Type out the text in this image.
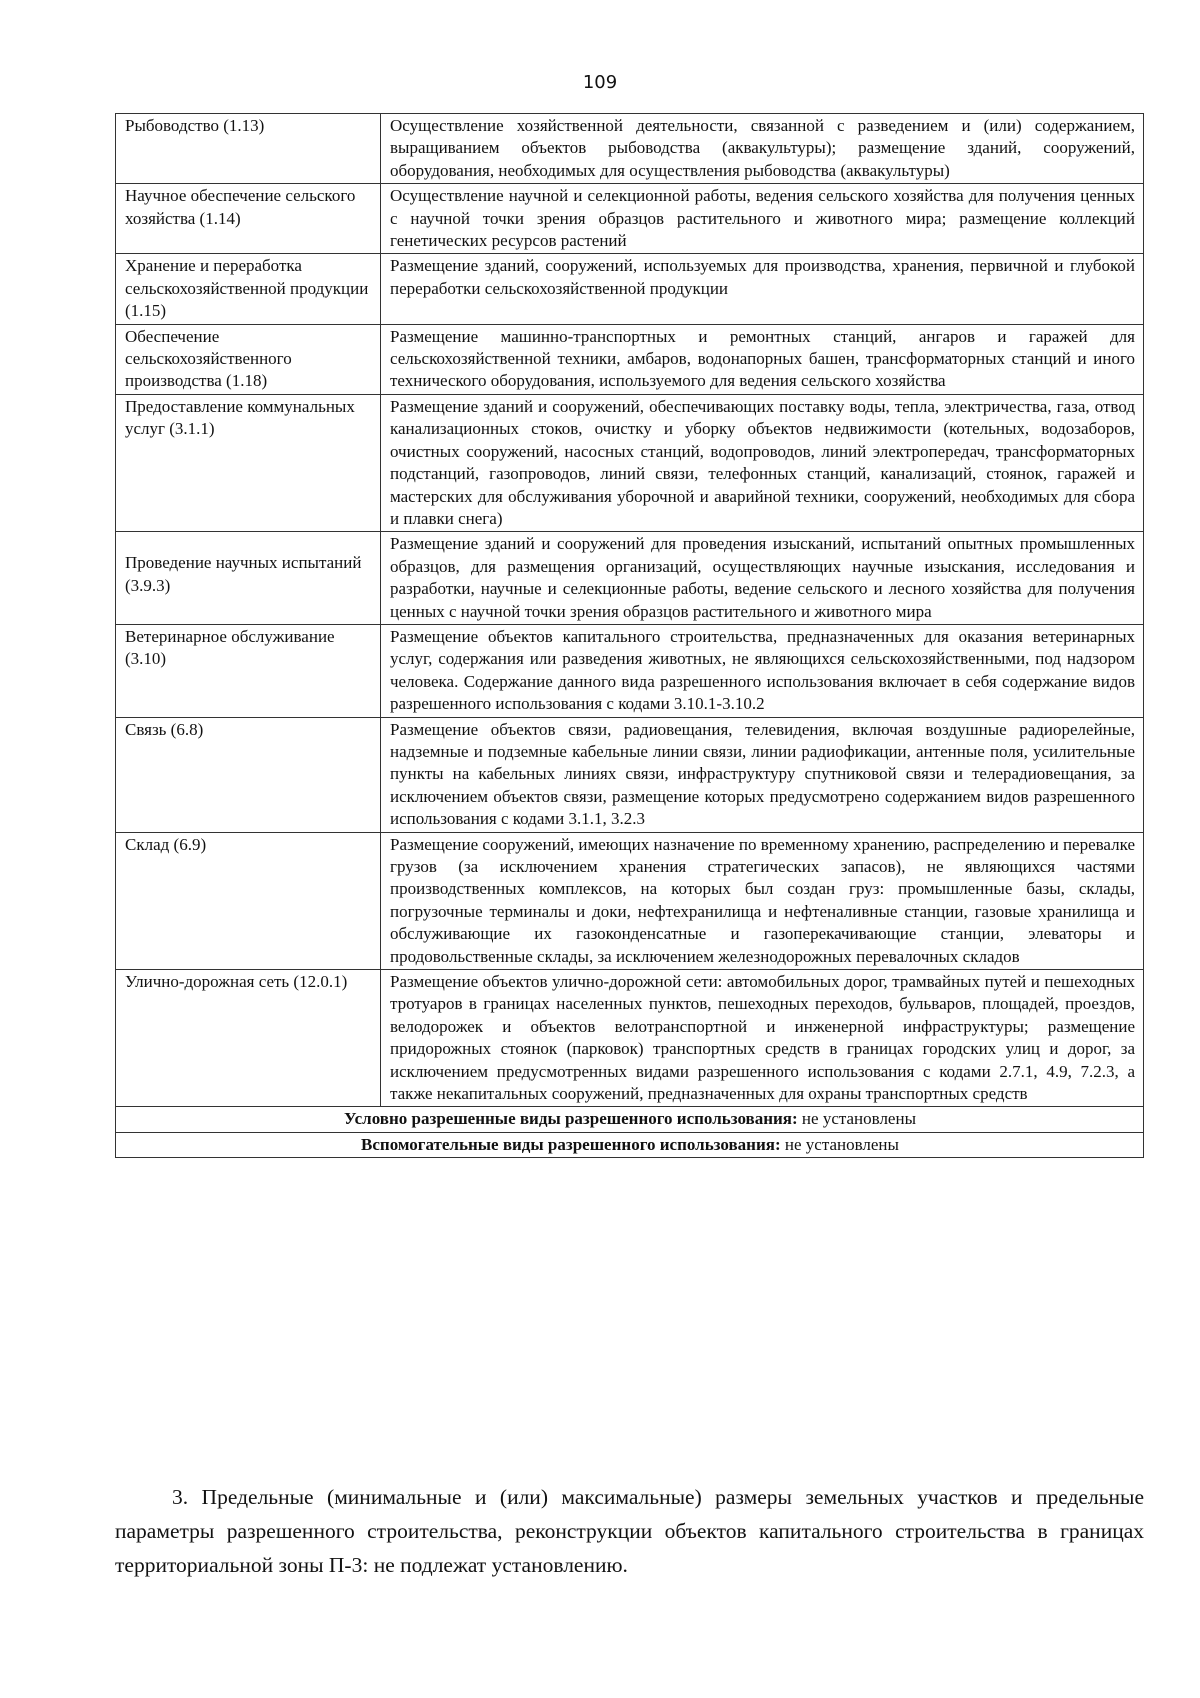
109
Рыбоводство (1.13)	Осуществление хозяйственной деятельности, связанной с разведением и (или) содержанием, выращиванием объектов рыбоводства (аквакультуры); размещение зданий, сооружений, оборудования, необходимых для осуществления рыбоводства (аквакультуры)
Научное обеспечение сельского хозяйства (1.14)	Осуществление научной и селекционной работы, ведения сельского хозяйства для получения ценных с научной точки зрения образцов растительного и животного мира; размещение коллекций генетических ресурсов растений
Хранение и переработка сельскохозяйственной продукции (1.15)	Размещение зданий, сооружений, используемых для производства, хранения, первичной и глубокой переработки сельскохозяйственной продукции
Обеспечение сельскохозяйственного производства (1.18)	Размещение машинно-транспортных и ремонтных станций, ангаров и гаражей для сельскохозяйственной техники, амбаров, водонапорных башен, трансформаторных станций и иного технического оборудования, используемого для ведения сельского хозяйства
Предоставление коммунальных услуг (3.1.1)	Размещение зданий и сооружений, обеспечивающих поставку воды, тепла, электричества, газа, отвод канализационных стоков, очистку и уборку объектов недвижимости (котельных, водозаборов, очистных сооружений, насосных станций, водопроводов, линий электропередач, трансформаторных подстанций, газопроводов, линий связи, телефонных станций, канализаций, стоянок, гаражей и мастерских для обслуживания уборочной и аварийной техники, сооружений, необходимых для сбора и плавки снега)
Проведение научных испытаний (3.9.3)	Размещение зданий и сооружений для проведения изысканий, испытаний опытных промышленных образцов, для размещения организаций, осуществляющих научные изыскания, исследования и разработки, научные и селекционные работы, ведение сельского и лесного хозяйства для получения ценных с научной точки зрения образцов растительного и животного мира
Ветеринарное обслуживание (3.10)	Размещение объектов капитального строительства, предназначенных для оказания ветеринарных услуг, содержания или разведения животных, не являющихся сельскохозяйственными, под надзором человека. Содержание данного вида разрешенного использования включает в себя содержание видов разрешенного использования с кодами 3.10.1-3.10.2
Связь (6.8)	Размещение объектов связи, радиовещания, телевидения, включая воздушные радиорелейные, надземные и подземные кабельные линии связи, линии радиофикации, антенные поля, усилительные пункты на кабельных линиях связи, инфраструктуру спутниковой связи и телерадиовещания, за исключением объектов связи, размещение которых предусмотрено содержанием видов разрешенного использования с кодами 3.1.1, 3.2.3
Склад (6.9)	Размещение сооружений, имеющих назначение по временному хранению, распределению и перевалке грузов (за исключением хранения стратегических запасов), не являющихся частями производственных комплексов, на которых был создан груз: промышленные базы, склады, погрузочные терминалы и доки, нефтехранилища и нефтеналивные станции, газовые хранилища и обслуживающие их газоконденсатные и газоперекачивающие станции, элеваторы и продовольственные склады, за исключением железнодорожных перевалочных складов
Улично-дорожная сеть (12.0.1)	Размещение объектов улично-дорожной сети: автомобильных дорог, трамвайных путей и пешеходных тротуаров в границах населенных пунктов, пешеходных переходов, бульваров, площадей, проездов, велодорожек и объектов велотранспортной и инженерной инфраструктуры; размещение придорожных стоянок (парковок) транспортных средств в границах городских улиц и дорог, за исключением предусмотренных видами разрешенного использования с кодами 2.7.1, 4.9, 7.2.3, а также некапитальных сооружений, предназначенных для охраны транспортных средств
Условно разрешенные виды разрешенного использования: не установлены	
Вспомогательные виды разрешенного использования: не установлены	

3. Предельные (минимальные и (или) максимальные) размеры земельных участков и предельные параметры разрешенного строительства, реконструкции объектов капитального строительства в границах территориальной зоны П-3: не подлежат установлению.
